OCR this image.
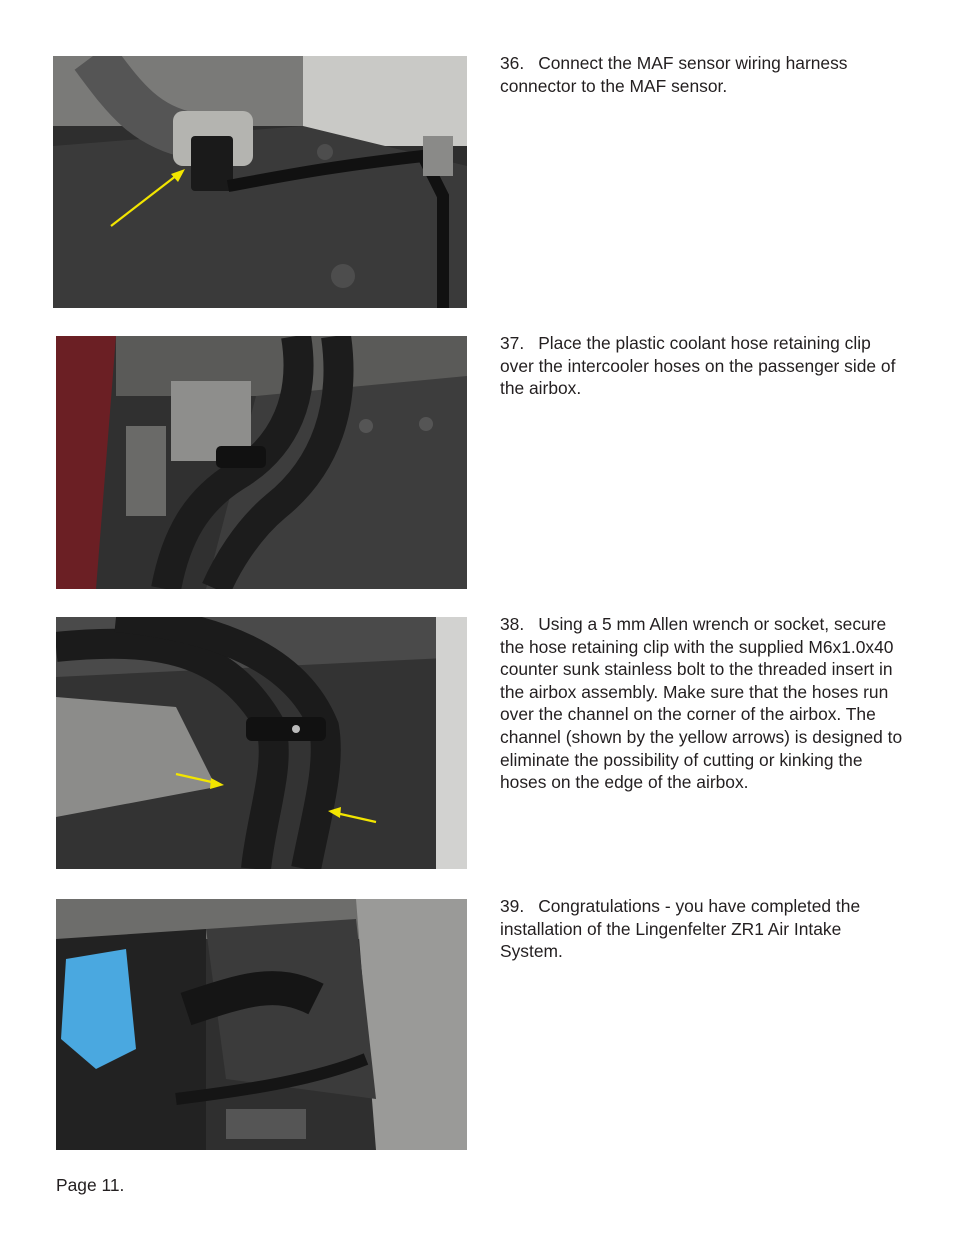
36. Connect the MAF sensor wiring harness connector to the MAF sensor.

37. Place the plastic coolant hose retaining clip over the intercooler hoses on the passenger side of the airbox.

38. Using a 5 mm Allen wrench or socket, secure the hose retaining clip with the supplied M6x1.0x40 counter sunk stainless bolt to the threaded insert in the airbox assembly. Make sure that the hoses run over the channel on the corner of the airbox. The channel (shown by the yellow arrows) is designed to eliminate the possibility of cutting or kinking the hoses on the edge of the airbox.

39. Congratulations - you have completed the installation of the Lingenfelter ZR1 Air Intake System.

Page 11.
